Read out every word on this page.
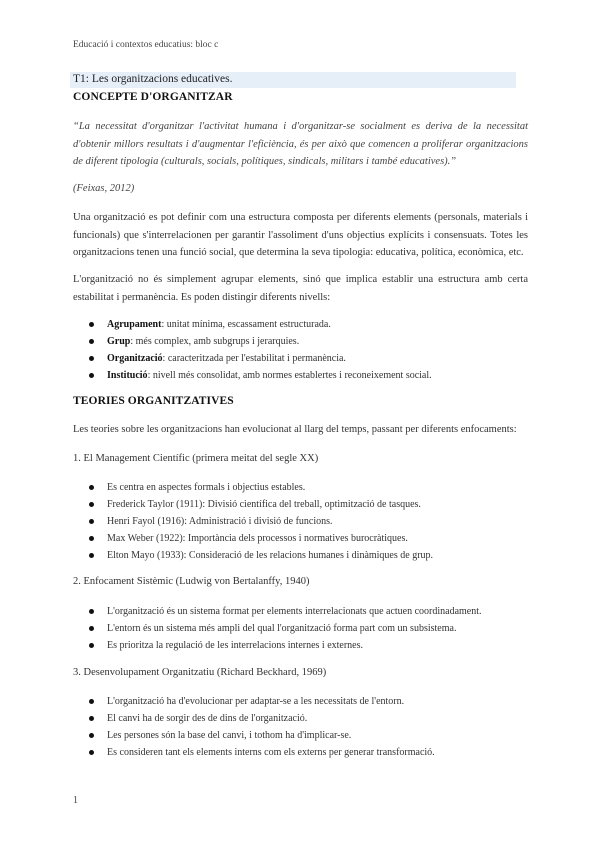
Educació i contextos educatius: bloc c
T1: Les organitzacions educatives.
CONCEPTE D'ORGANITZAR
“La necessitat d'organitzar l'activitat humana i d'organitzar-se socialment es deriva de la necessitat d'obtenir millors resultats i d'augmentar l'eficiència, és per això que comencen a proliferar organitzacions de diferent tipologia (culturals, socials, polítiques, sindicals, militars i també educatives).”
(Feixas, 2012)
Una organització es pot definir com una estructura composta per diferents elements (personals, materials i funcionals) que s'interrelacionen per garantir l'assoliment d'uns objectius explícits i consensuats. Totes les organitzacions tenen una funció social, que determina la seva tipologia: educativa, política, econòmica, etc.
L'organització no és simplement agrupar elements, sinó que implica establir una estructura amb certa estabilitat i permanència. Es poden distingir diferents nivells:
Agrupament: unitat mínima, escassament estructurada.
Grup: més complex, amb subgrups i jerarquies.
Organització: caracteritzada per l'estabilitat i permanència.
Institució: nivell més consolidat, amb normes establertes i reconeixement social.
TEORIES ORGANITZATIVES
Les teories sobre les organitzacions han evolucionat al llarg del temps, passant per diferents enfocaments:
1. El Management Científic (primera meitat del segle XX)
Es centra en aspectes formals i objectius estables.
Frederick Taylor (1911): Divisió científica del treball, optimització de tasques.
Henri Fayol (1916): Administració i divisió de funcions.
Max Weber (1922): Importància dels processos i normatives burocràtiques.
Elton Mayo (1933): Consideració de les relacions humanes i dinàmiques de grup.
2. Enfocament Sistèmic (Ludwig von Bertalanffy, 1940)
L'organització és un sistema format per elements interrelacionats que actuen coordinadament.
L'entorn és un sistema més ampli del qual l'organització forma part com un subsistema.
Es prioritza la regulació de les interrelacions internes i externes.
3. Desenvolupament Organitzatiu (Richard Beckhard, 1969)
L'organització ha d'evolucionar per adaptar-se a les necessitats de l'entorn.
El canvi ha de sorgir des de dins de l'organització.
Les persones són la base del canvi, i tothom ha d'implicar-se.
Es consideren tant els elements interns com els externs per generar transformació.
1
